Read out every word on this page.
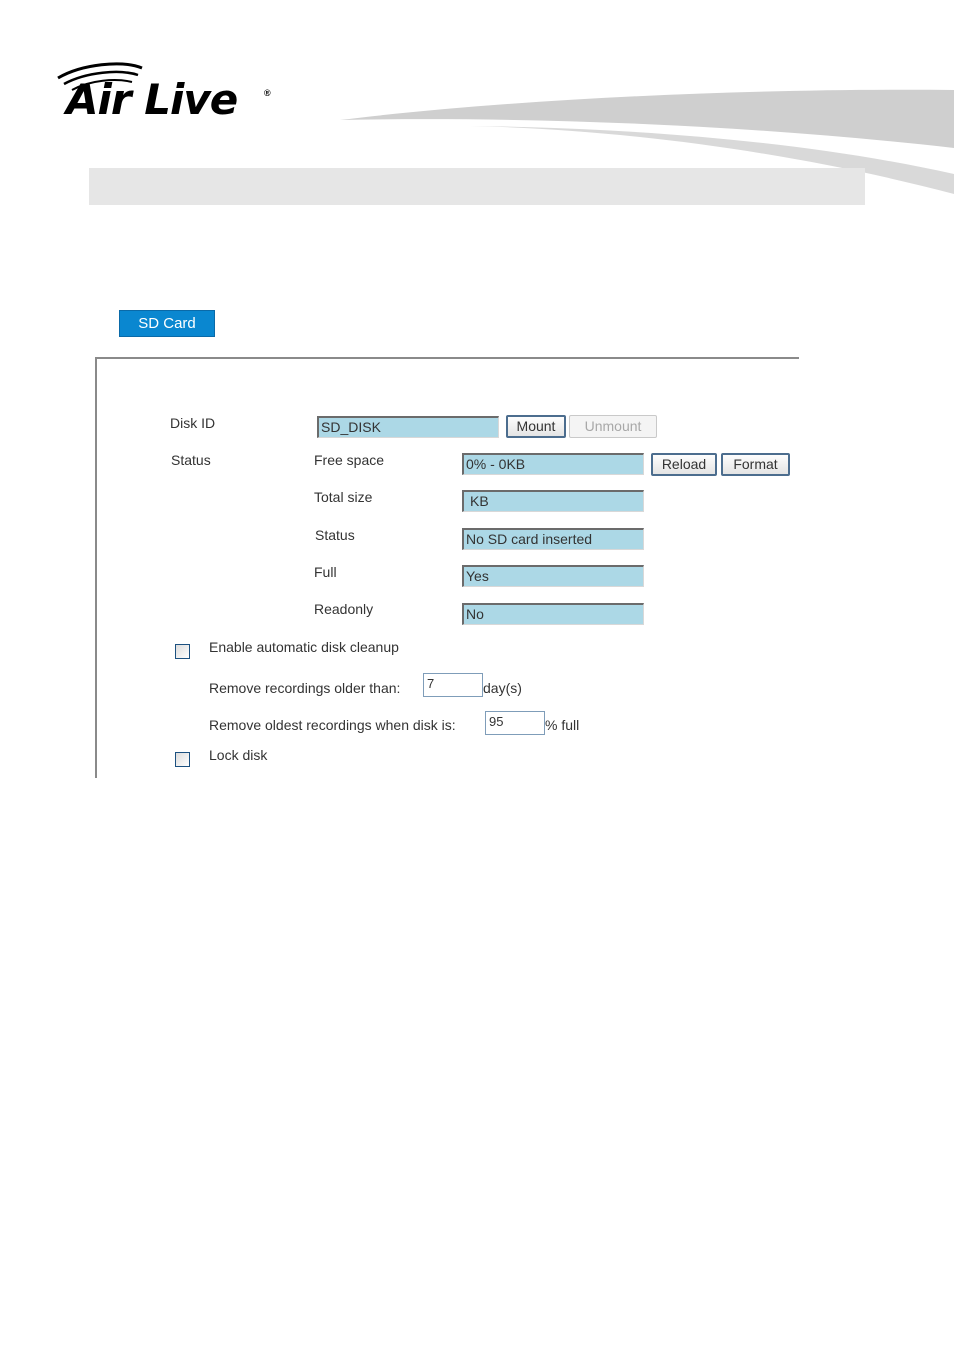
Air Live	®
SD Card
Disk ID	SD_DISK	Mount	Unmount
Status	Free space	0% - 0KB	Reload	Format
Total size	KB
Status	No SD card inserted
Full	Yes
Readonly	No
Enable automatic disk cleanup
Remove recordings older than:	7	day(s)
Remove oldest recordings when disk is:	95	% full
Lock disk
